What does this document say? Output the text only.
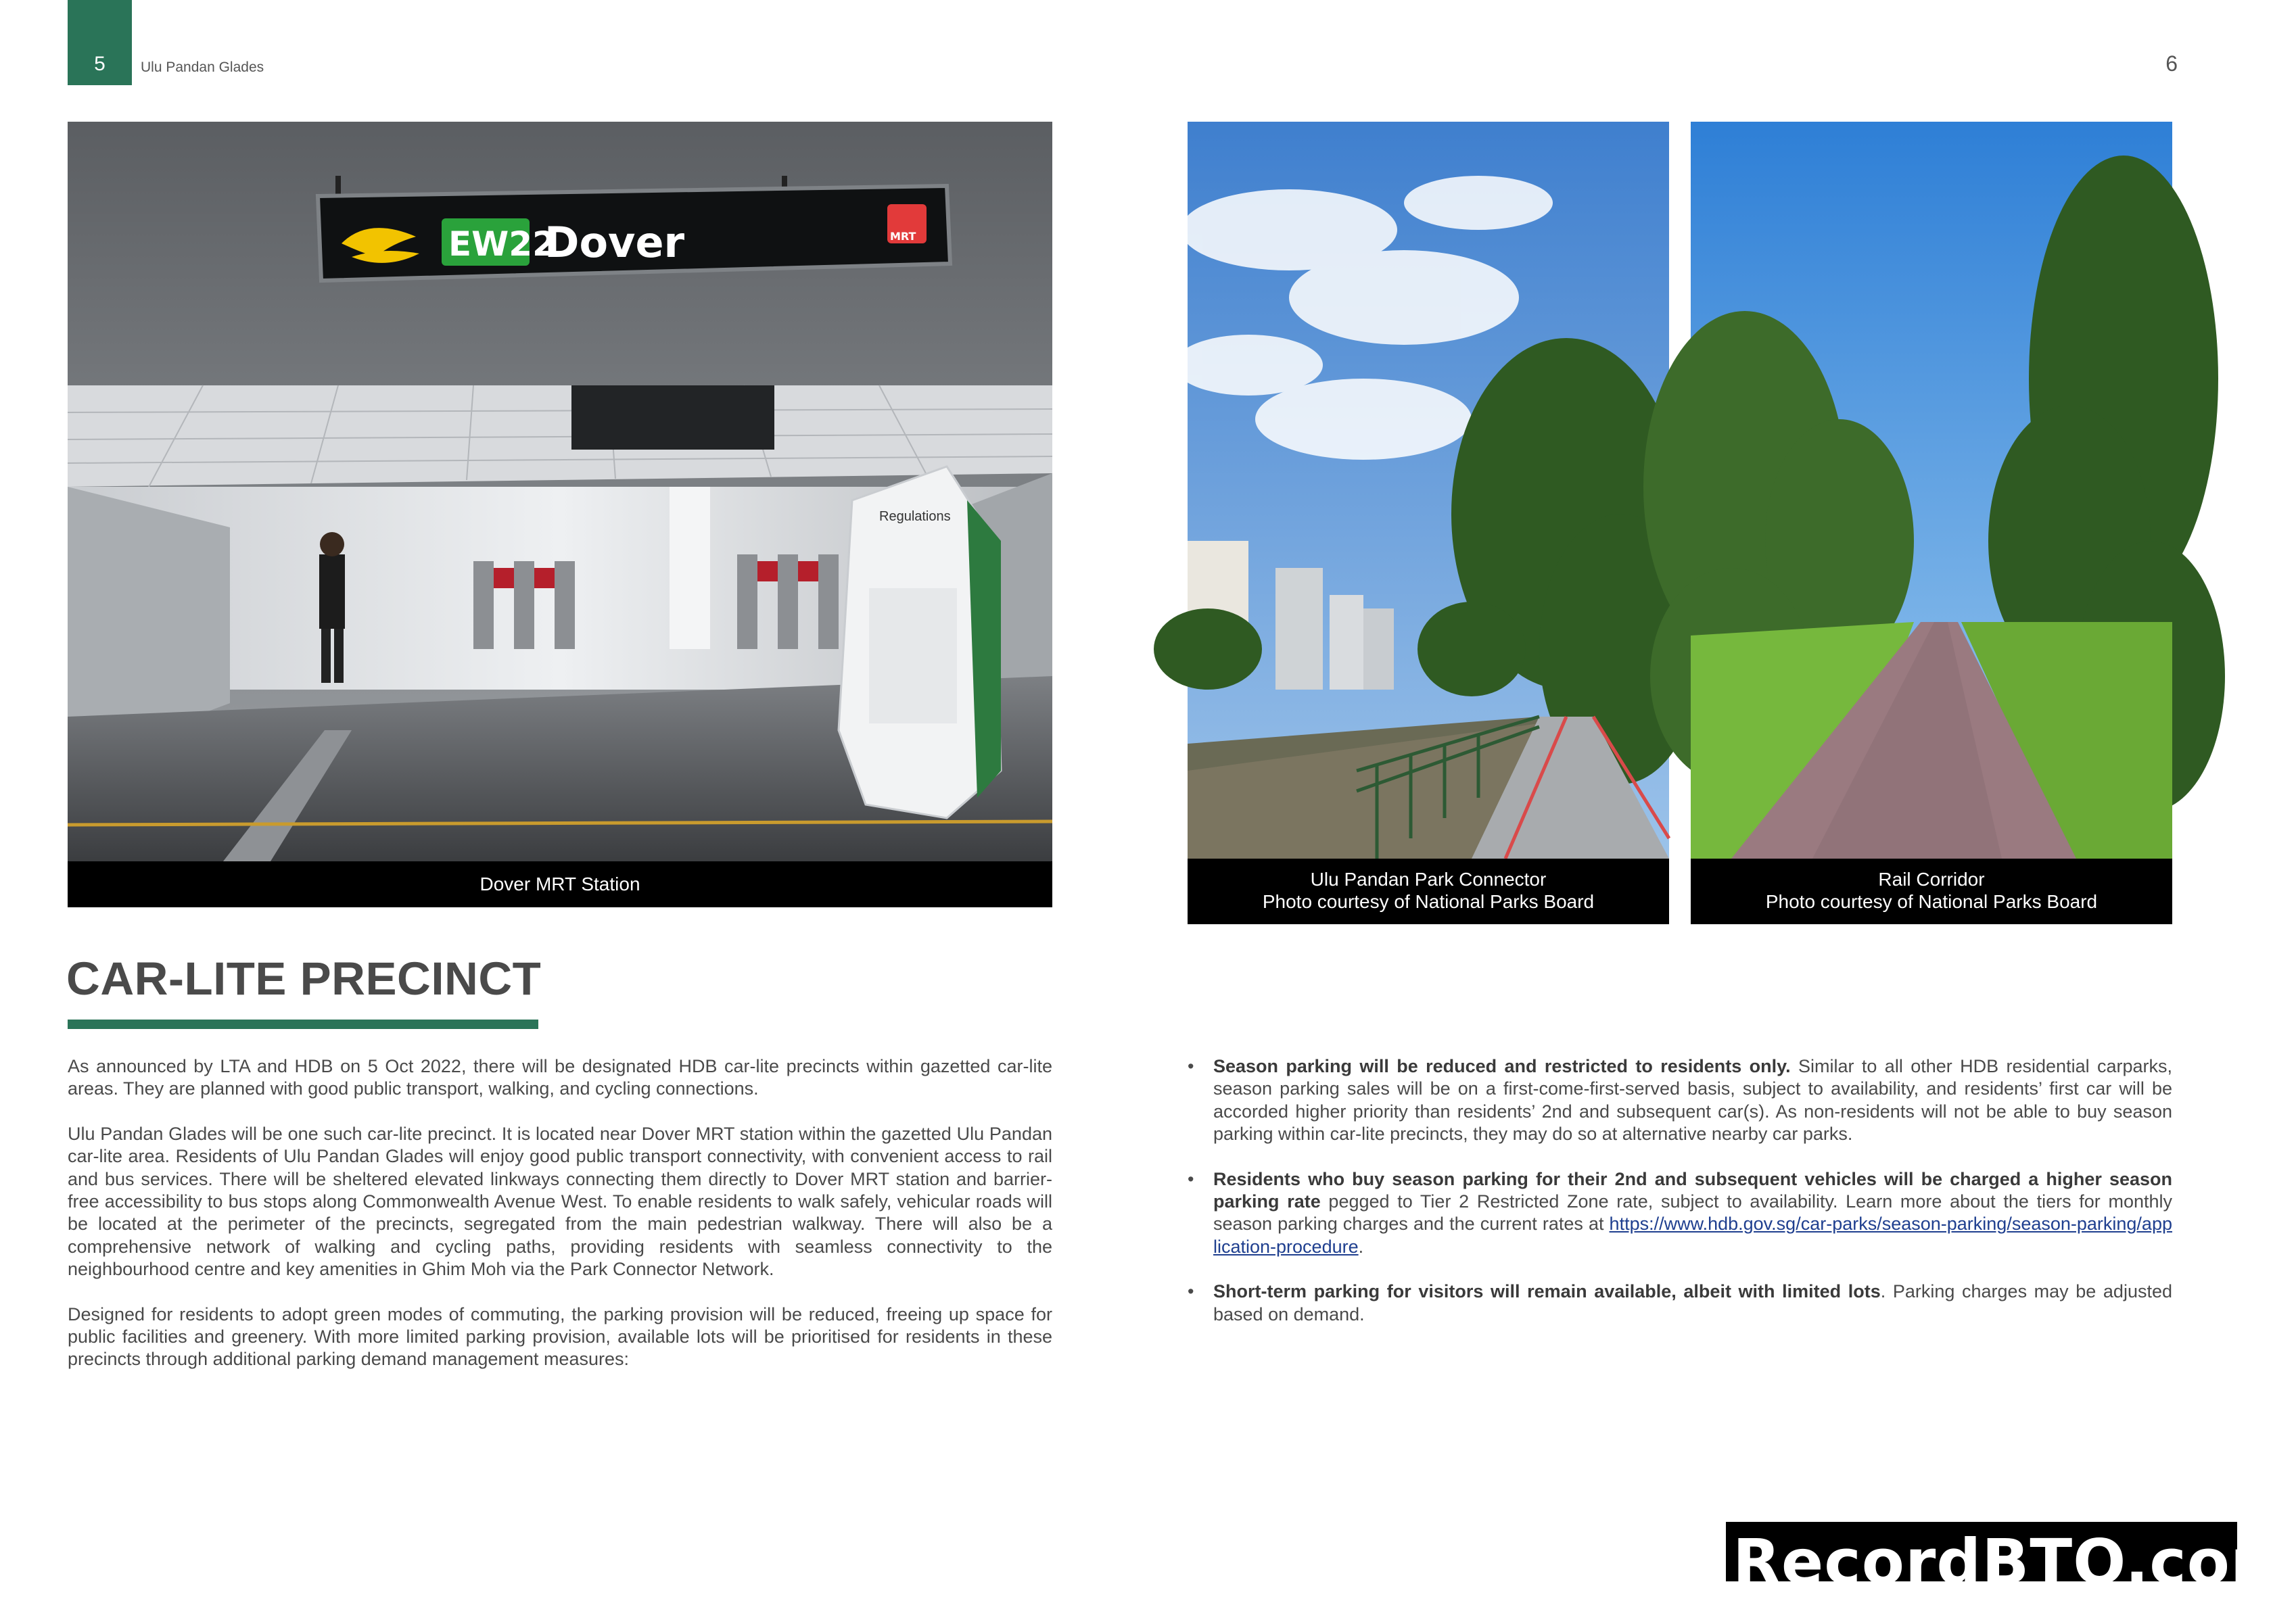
5	Ulu Pandan Glades	6
Regulations
EW22
Dover	MRT
Dover MRT Station	Ulu Pandan Park Connector
Photo courtesy of National Parks Board
Rail Corridor
Photo courtesy of National Parks Board
CAR-LITE PRECINCT

As announced by LTA and HDB on 5 Oct 2022, there will be designated HDB car-lite precincts within gazetted car-lite areas. They are planned with good public transport, walking, and cycling connections.

Ulu Pandan Glades will be one such car-lite precinct. It is located near Dover MRT station within the gazetted Ulu Pandan car-lite area. Residents of Ulu Pandan Glades will enjoy good public transport connectivity, with convenient access to rail and bus services. There will be sheltered elevated linkways connecting them directly to Dover MRT station and barrier-free accessibility to bus stops along Commonwealth Avenue West. To enable residents to walk safely, vehicular roads will be located at the perimeter of the precincts, segregated from the main pedestrian walkway. There will also be a comprehensive network of walking and cycling paths, providing residents with seamless connectivity to the neighbourhood centre and key amenities in Ghim Moh via the Park Connector Network.

Designed for residents to adopt green modes of commuting, the parking provision will be reduced, freeing up space for public facilities and greenery. With more limited parking provision, available lots will be prioritised for residents in these precincts through additional parking demand management measures:

• Season parking will be reduced and restricted to residents only. Similar to all other HDB residential carparks, season parking sales will be on a first-come-first-served basis, subject to availability, and residents’ first car will be accorded higher priority than residents’ 2nd and subsequent car(s). As non-residents will not be able to buy season parking within car-lite precincts, they may do so at alternative nearby car parks.
• Residents who buy season parking for their 2nd and subsequent vehicles will be charged a higher season parking rate pegged to Tier 2 Restricted Zone rate, subject to availability. Learn more about the tiers for monthly season parking charges and the current rates at https://www.hdb.gov.sg/car-parks/season-parking/season-parking/application-procedure.
• Short-term parking for visitors will remain available, albeit with limited lots. Parking charges may be adjusted based on demand.
RecordBTO.com
